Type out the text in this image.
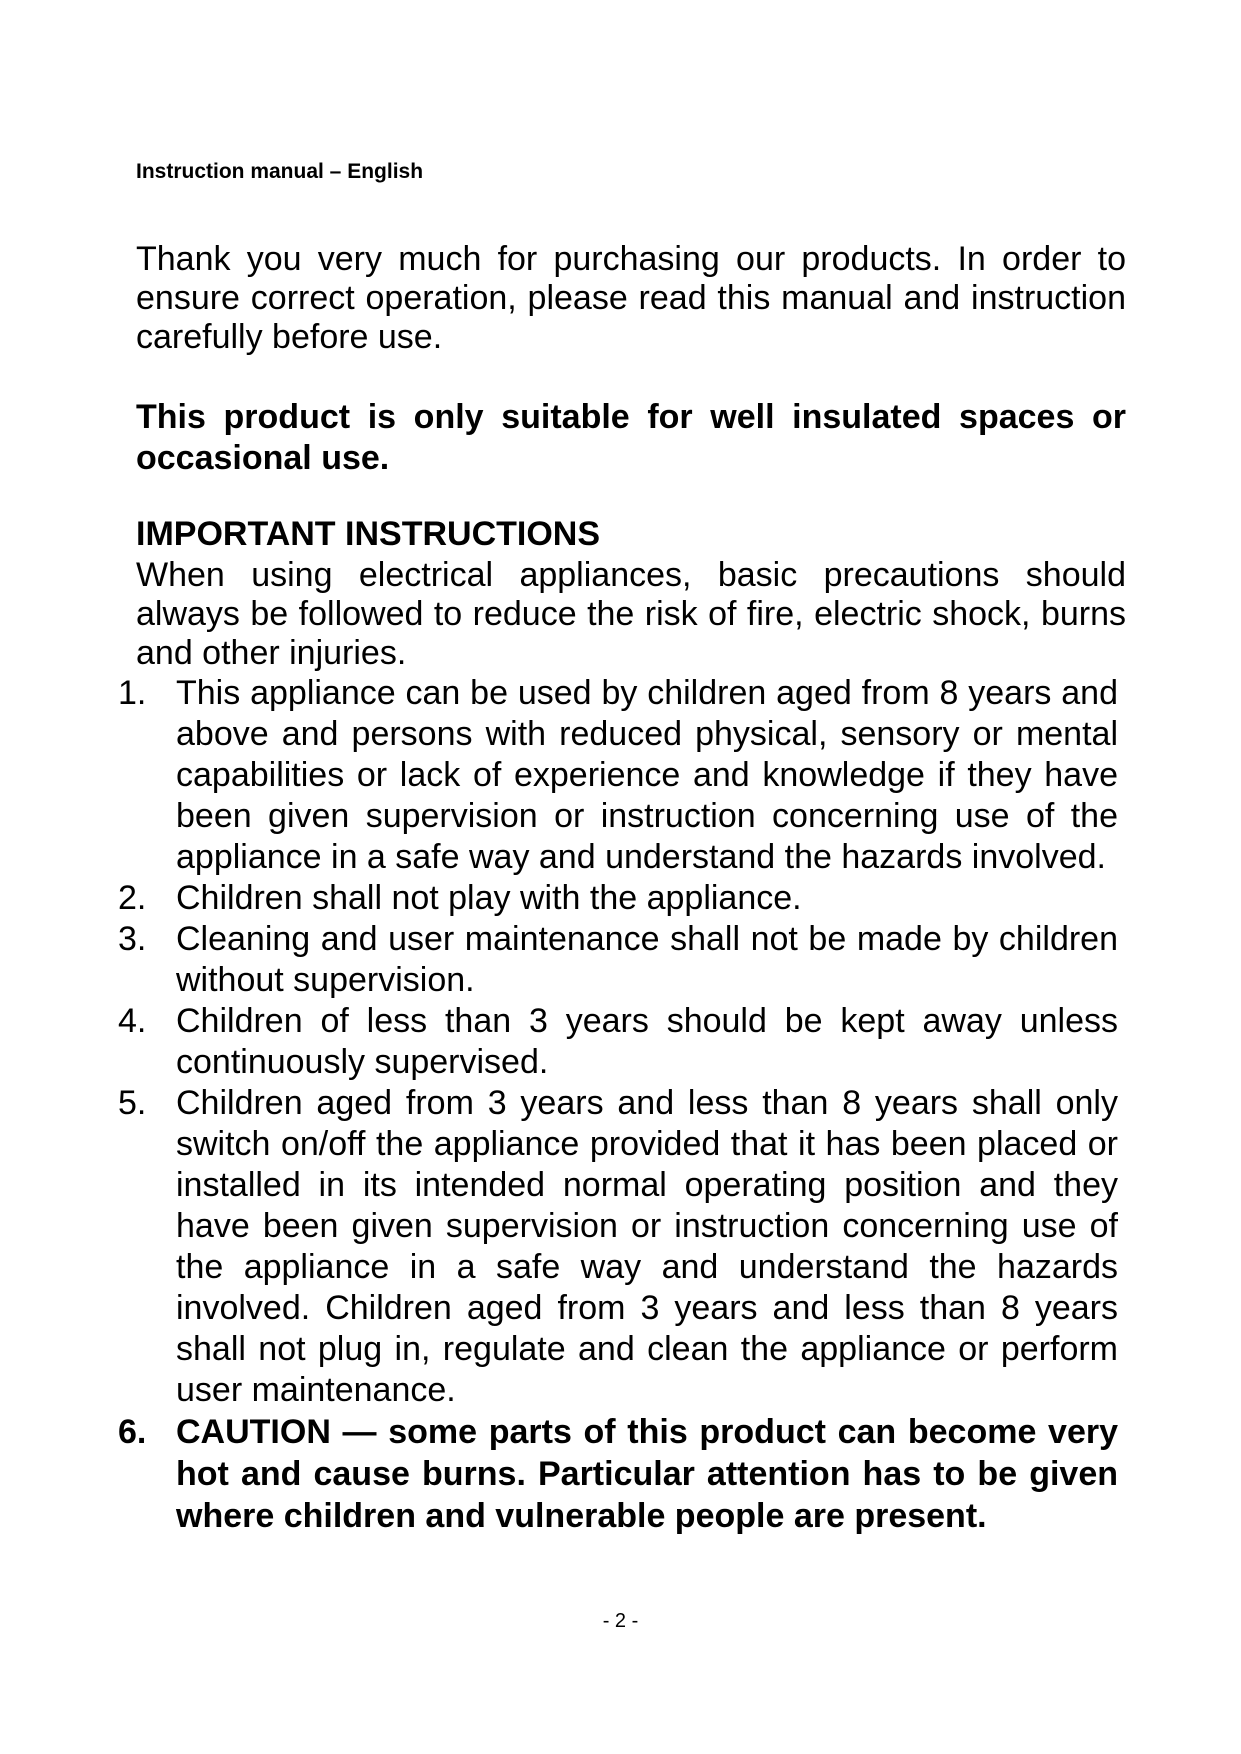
Instruction manual – English
Thank you very much for purchasing our products. In order to ensure correct operation, please read this manual and instruction carefully before use.
This product is only suitable for well insulated spaces or occasional use.
IMPORTANT INSTRUCTIONS
When using electrical appliances, basic precautions should always be followed to reduce the risk of fire, electric shock, burns and other injuries.
1. This appliance can be used by children aged from 8 years and above and persons with reduced physical, sensory or mental capabilities or lack of experience and knowledge if they have been given supervision or instruction concerning use of the appliance in a safe way and understand the hazards involved.
2. Children shall not play with the appliance.
3. Cleaning and user maintenance shall not be made by children without supervision.
4. Children of less than 3 years should be kept away unless continuously supervised.
5. Children aged from 3 years and less than 8 years shall only switch on/off the appliance provided that it has been placed or installed in its intended normal operating position and they have been given supervision or instruction concerning use of the appliance in a safe way and understand the hazards involved. Children aged from 3 years and less than 8 years shall not plug in, regulate and clean the appliance or perform user maintenance.
6. CAUTION — some parts of this product can become very hot and cause burns. Particular attention has to be given where children and vulnerable people are present.
- 2 -
